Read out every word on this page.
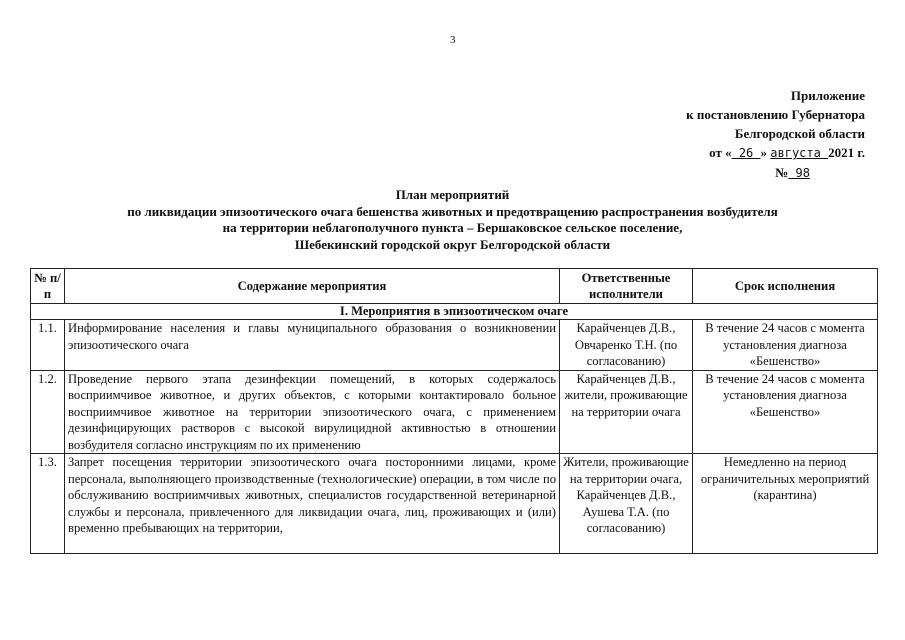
3
Приложение
к постановлению Губернатора
Белгородской области
от « 26 » августа 2021 г.
№ 98
План мероприятий
по ликвидации эпизоотического очага бешенства животных и предотвращению распространения возбудителя
на территории неблагополучного пункта – Бершаковское сельское поселение,
Шебекинский городской округ Белгородской области
№ п/п	Содержание мероприятия	Ответственные исполнители	Срок исполнения
I. Мероприятия в эпизоотическом очаге			
1.1.	Информирование населения и главы муниципального образования о возникновении эпизоотического очага	Карайченцев Д.В., Овчаренко Т.Н. (по согласованию)	В течение 24 часов с момента установления диагноза «Бешенство»
1.2.	Проведение первого этапа дезинфекции помещений, в которых содержалось восприимчивое животное, и других объектов, с которыми контактировало больное восприимчивое животное на территории эпизоотического очага, с применением дезинфицирующих растворов с высокой вирулицидной активностью в отношении возбудителя согласно инструкциям по их применению	Карайченцев Д.В., жители, проживающие на территории очага	В течение 24 часов с момента установления диагноза «Бешенство»
1.3.	Запрет посещения территории эпизоотического очага посторонними лицами, кроме персонала, выполняющего производственные (технологические) операции, в том числе по обслуживанию восприимчивых животных, специалистов государственной ветеринарной службы и персонала, привлеченного для ликвидации очага, лиц, проживающих и (или) временно пребывающих на территории,	Жители, проживающие на территории очага, Карайченцев Д.В., Аушева Т.А. (по согласованию)	Немедленно на период ограничительных мероприятий (карантина)
